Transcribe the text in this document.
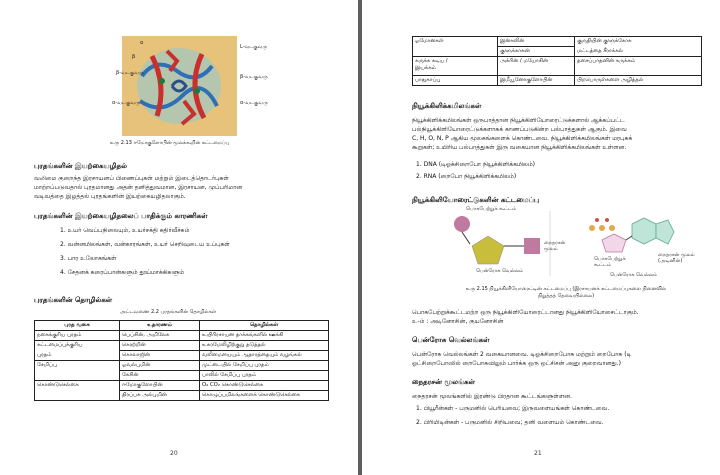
α
β
L-வடகுவரு
β-வடகுவரு
β-வடகுவரு
α-வடகுவரு	α-வடகுவரு
உரு 2.13 ஈமோகுளோபின் மூலக்கூறின் கட்டமைப்பு
புரதங்களின் இயற்கையழிதல்
வலிமை குறைந்த இரசாயனப் பிணைப்புகள் மற்றும் இடைத்தொடர்புகள்
மாற்றப்படுவதால் புரதமானது அதன் தனித்துவமான, இரசாயன, முப்பரிமான
வடிவத்தை இழத்தல் புரதங்களின் இயற்கையழிதலாகும்.
புரதங்களின் இயற்கையழிதலைப் பாதிக்கும் காரணிகள்
1. உயர் வெப்பநிலையும், உயர்சக்தி கதிர்வீச்சும்
2. வன்னமிலங்கள், வன்காரங்கள், உயர் செறிவுடைய உப்புகள்
3. பார உலோகங்கள்
4. சேதனக் கரைப்பான்களும் தூய்மாக்கிகளும்
புரதங்களின் தொழில்கள்
அட்டவணை 2.2 புரதங்களின் தொழில்கள்
புரத வகை	உதாரணம்	தொழில்கள்
நகைக்குரிய புரதம்	பெப்சின், அமிலேசு	உயிரிரசாயன தாக்கங்களில் ஊக்கி
கட்டமைப்புக்குரிய	கெரற்றின்	உகரமேலிழிற்குறு தடுத்தல்
புரதம்	கொலாஜின்	வலிமையையும் ஆதாரத்தையும் வழங்கல்
சேமிப்பு	ஓவல்புமின்	முட்டையில் சேமிப்பு புரதம்
	கேசின்	பாலில் சேமிப்பு புரதம்
கொண்டுசெல்கை	ஈமோகுளோபின்	O₂ CO₂ கொண்டுசெல்கை
	திரப்பசு அல்புமின்	கொழுப்பமிலங்களைக் கொண்டுசெல்கை
20
ஓமோனகள்	இன்சுலின்	குருதியின் குளுக்கோசு
	குளுக்காகன்	மட்டத்தை சீராக்கல்

சுருக்க சுடிய /
இயக்கம்	அக்ரின் / மயோசின்	தசைப்பாதனின் சுருக்கம்
பாதுகாப்பு	இமீயூனோகுளோபின்	பிறபொருள்களை அழித்தல்
நியூக்கிளிக்கமிலங்கள்
நியூக்கிளிக்கமிலங்கள் ஒருபாத்தான நியூக்கிளியோரைட்டுக்களால் ஆக்கப்பட்ட
பல்நியூக்கிளியோரைட்டுக்களாகக் காணப்படுகின்ற பல்பாத்துகள் ஆகும். இவை
C, H, O, N, P ஆகிய மூலகங்களைக் கொண்டவை. நியூக்கிளிக்கமிலங்கள் மரபுசுக்
கூறுகள்; உயிரிய பல்பாத்துகள் இரு வகையான நியூக்கிளிக்கமிலங்கள் உள்ளன.
1. DNA (டிஓக்சிறைபோ நியூக்கிளிக்கமிலம்)
2. RNA (றைபோ நியூக்கிளிக்கமிலம்)
நியூக்கிளியோரைட்டுகளின் கட்டமைப்பு
பொசுபேற்றுக் கூட்டம்
நைதரசன் மூலம்
பென்ரோசு வெல்லம்
பொசுபேற்றுக் கூட்டம்
நைதரசன் மூலம் (அடினின்)
பென்ரோசு வெல்லம்
உரு 2.15 நியூக்கிளியோரைட்டின் கட்டமைப்பு (இரசாயனக் கட்டமைப்புகளை நினைவில்
நிறுத்தத் தேவையில்லை)
பொசுபேற்றுக்கூட்டமற்ற ஒரு நியூக்கிளியோரைட்டானது நியூக்கிளியோசைட்டாகும்.
உ-ம் : அடினோசின், குயனோசின்
பென்ரோசு வெல்லங்கள்
பென்ரோசு வெல்லங்கள் 2 வகையானவை. டிஓக்சிறைபோசு மற்றும் றைபோசு (டி
ஓட்சிறைபோஸில் றைபோசுவிலும் பார்க்க ஒரு ஒட்சிசன் அனு குறைவானது.)
நைதரசன் மூலங்கள்
நைதரசன் மூலங்களில் இரண்டு பிரதான கூட்டங்களுள்ளன.
1. பியூரீன்கள் - பருமனில் பெரியவை; இருவளையங்கள் கொண்டவை.
2. பிரிமிடின்கள் - பருமனில் சிறியவை; தனி வளையம் கொண்டவை.
21
